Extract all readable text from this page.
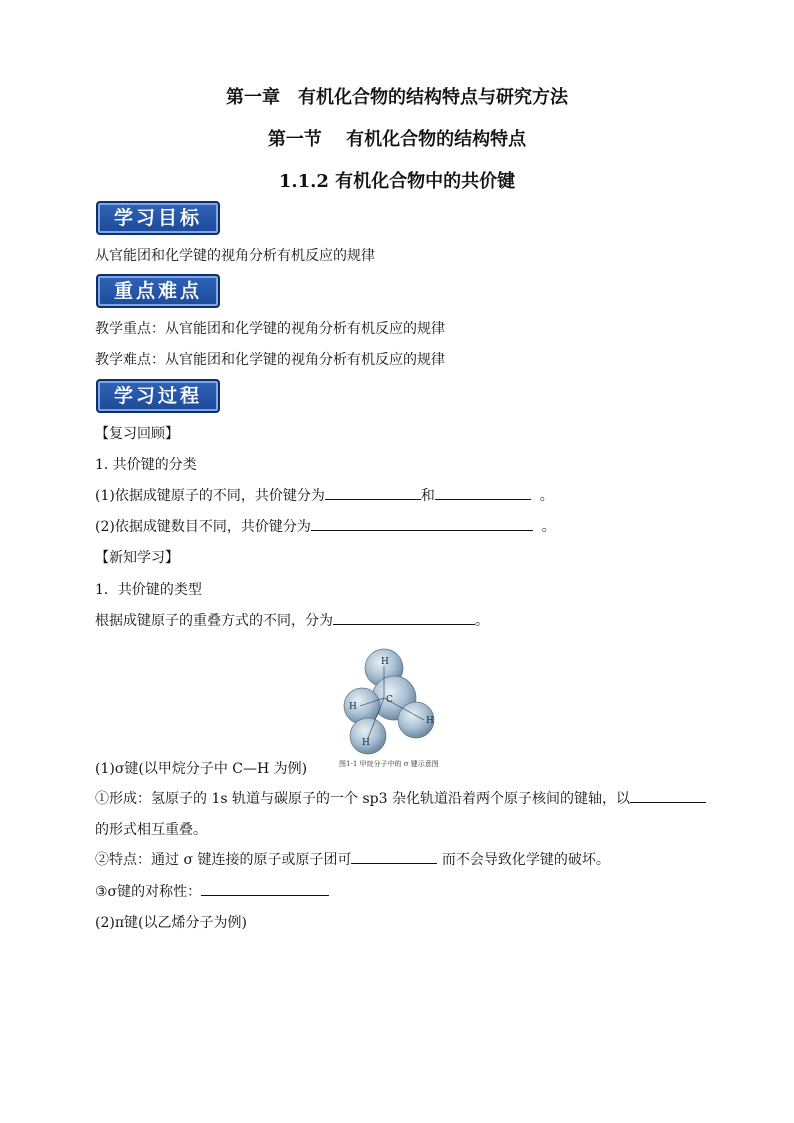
第一章　有机化合物的结构特点与研究方法
第一节　 有机化合物的结构特点
1.1.2 有机化合物中的共价键
学习目标
从官能团和化学键的视角分析有机反应的规律
重点难点
教学重点：从官能团和化学键的视角分析有机反应的规律
教学难点：从官能团和化学键的视角分析有机反应的规律
学习过程
【复习回顾】
1. 共价键的分类
(1)依据成键原子的不同，共价键分为	和	。
(2)依据成键数目不同，共价键分为	。
【新知学习】
1．共价键的类型
根据成键原子的重叠方式的不同，分为	。
H
H
H
H
C
图1-1 甲烷分子中的 σ 键示意图
(1)σ键(以甲烷分子中 C—H 为例)
①形成：氢原子的 1s 轨道与碳原子的一个 sp3 杂化轨道沿着两个原子核间的键轴，以
的形式相互重叠。
②特点：通过 σ 键连接的原子或原子团可	而不会导致化学键的破坏。
③σ键的对称性：
(2)π键(以乙烯分子为例)
